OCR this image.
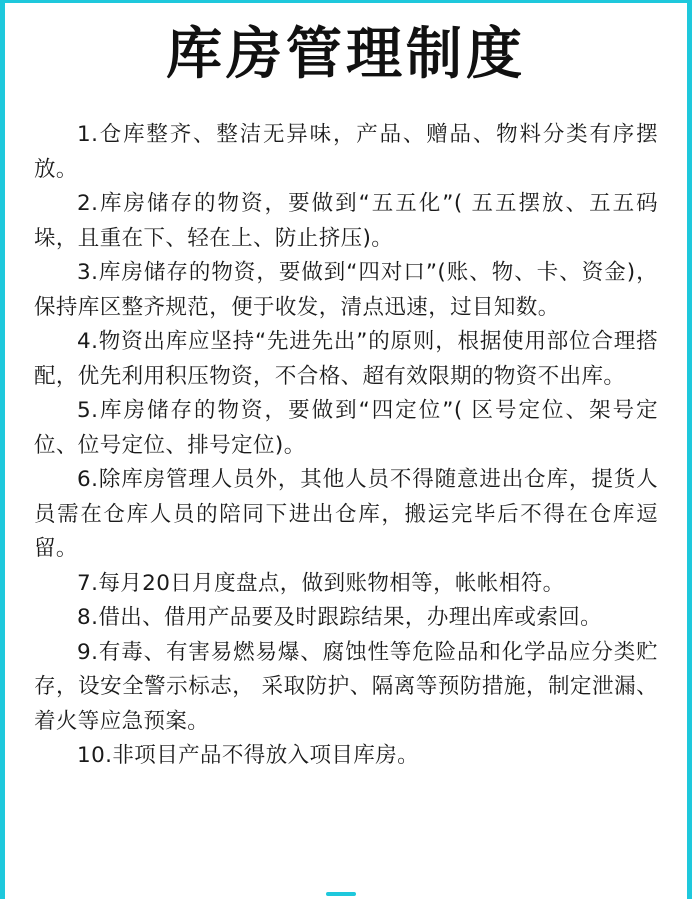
库房管理制度
1.仓库整齐、整洁无异味，产品、赠品、物料分类有序摆放。
2.库房储存的物资，要做到“五五化”( 五五摆放、五五码垛，且重在下、轻在上、防止挤压)。
3.库房储存的物资，要做到“四对口”(账、物、卡、资金)，保持库区整齐规范，便于收发，清点迅速，过目知数。
4.物资出库应坚持“先进先出”的原则，根据使用部位合理搭配，优先利用积压物资，不合格、超有效限期的物资不出库。
5.库房储存的物资，要做到“四定位”( 区号定位、架号定位、位号定位、排号定位)。
6.除库房管理人员外，其他人员不得随意进出仓库，提货人员需在仓库人员的陪同下进出仓库，搬运完毕后不得在仓库逗留。
7.每月20日月度盘点，做到账物相等，帐帐相符。
8.借出、借用产品要及时跟踪结果，办理出库或索回。
9.有毒、有害易燃易爆、腐蚀性等危险品和化学品应分类贮存，设安全警示标志， 采取防护、隔离等预防措施，制定泄漏、着火等应急预案。
10.非项目产品不得放入项目库房。
